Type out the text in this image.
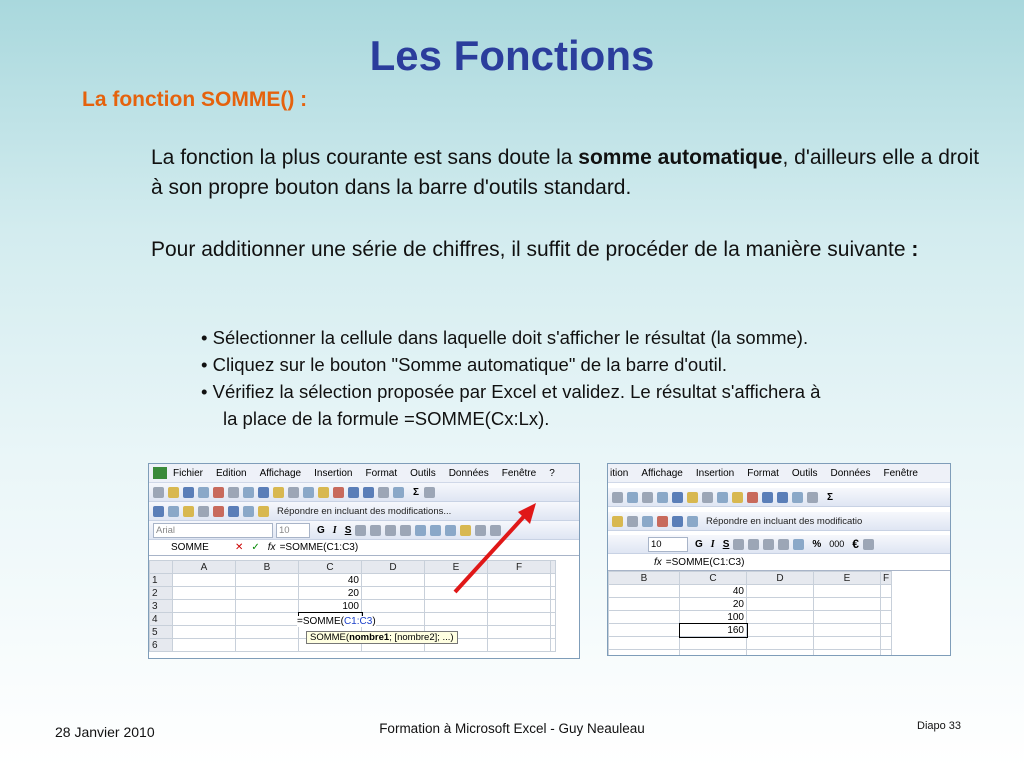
Les Fonctions
La fonction SOMME() :
La fonction la plus courante est sans doute la somme automatique, d'ailleurs elle a droit à son propre bouton dans la barre d'outils standard.
Pour additionner une série de chiffres, il suffit de procéder de la manière suivante :
• Sélectionner la cellule dans laquelle doit s'afficher le résultat (la somme).
• Cliquez sur le bouton "Somme automatique" de la barre d'outil.
• Vérifiez la sélection proposée par Excel et validez. Le résultat s'affichera à
la place de la formule =SOMME(Cx:Lx).
Fichier Edition Affichage Insertion Format Outils Données Fenêtre ?
Σ
Répondre en incluant des modifications...
Arial	10	G I S
SOMME	✕ ✓ fx =SOMME(C1:C3)
	A	B	C	D	E	F	
1			40				
2			20				
3			100				
4							
5							
6							
=SOMME(C1:C3)
SOMME(nombre1; [nombre2]; ...)
ition Affichage Insertion Format Outils Données Fenêtre
Σ
Répondre en incluant des modificatio
10	G I S	% 000 €
fx =SOMME(C1:C3)
B	C	D	E	F
	40			
	20			
	100			
	160			

28 Janvier 2010	Formation à Microsoft Excel - Guy Neauleau	Diapo 33
